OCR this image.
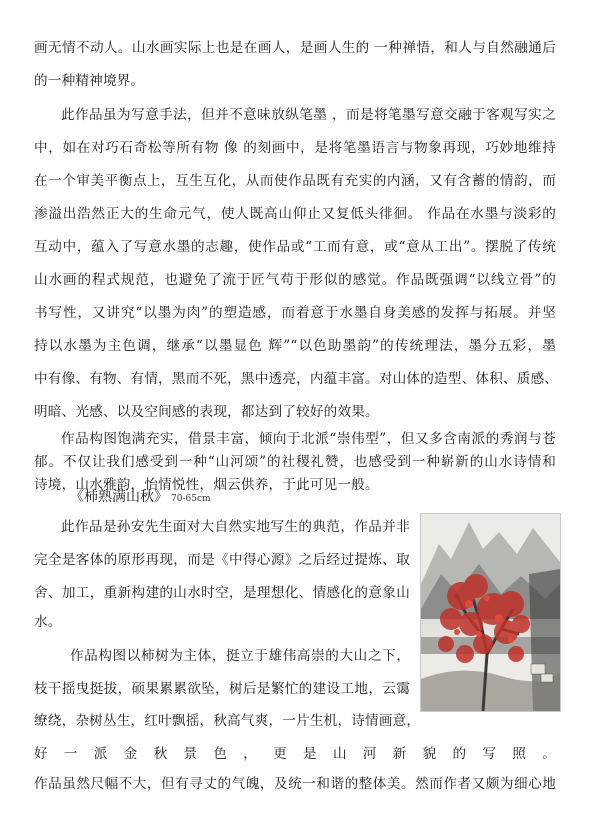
画无情不动人。山水画实际上也是在画人，是画人生的 一种禅悟，和人与自然融通后
的一种精神境界。
此作品虽为写意手法，但并不意味放纵笔墨 ，而是将笔墨写意交融于客观写实之
中，如在对巧石奇松等所有物 像 的刻画中，是将笔墨语言与物象再现，巧妙地维持
在一个审美平衡点上，互生互化，从而使作品既有充实的内涵，又有含蓄的情韵，而
渗溢出浩然正大的生命元气，使人既高山仰止又复低头徘徊。 作品在水墨与淡彩的
互动中，蕴入了写意水墨的志趣，使作品或“工而有意，或“意从工出”。摆脱了传统
山水画的程式规范，也避免了流于匠气苟于形似的感觉。作品既强调“以线立骨”的
书写性，又讲究“以墨为肉”的塑造感，而着意于水墨自身美感的发挥与拓展。并坚
持以水墨为主色调，继承“以墨显色 辉”“以色助墨韵”的传统理法，墨分五彩，墨
中有像、有物、有情，黑而不死，黑中透亮，内蕴丰富。对山体的造型、体积、质感、
明暗、光感、以及空间感的表现，都达到了较好的效果。
作品构图饱满充实，借景丰富，倾向于北派“崇伟型”，但又多含南派的秀润与苍
郁。不仅让我们感受到一种“山河颂”的社稷礼赞，也感受到一种崭新的山水诗情和
诗境，山水雅韵，怡情悦性，烟云供养，于此可见一般。
《柿熟满山秋》 70-65cm
此作品是孙安先生面对大自然实地写生的典范，作品并非
完全是客体的原形再现，而是《中得心源》之后经过提炼、取
舍、加工，重新构建的山水时空，是理想化、情感化的意象山
水。
作品构图以柿树为主体，挺立于雄伟高崇的大山之下，
枝干摇曳挺拔，硕果累累欲坠，树后是繁忙的建设工地，云霭
缭绕，杂树丛生，红叶飘摇，秋高气爽，一片生机，诗情画意，
好 一 派 金 秋 景 色 ， 更 是 山 河 新 貌 的 写 照 。
作品虽然尺幅不大，但有寻丈的气魄，及统一和谐的整体美。然而作者又颇为细心地
